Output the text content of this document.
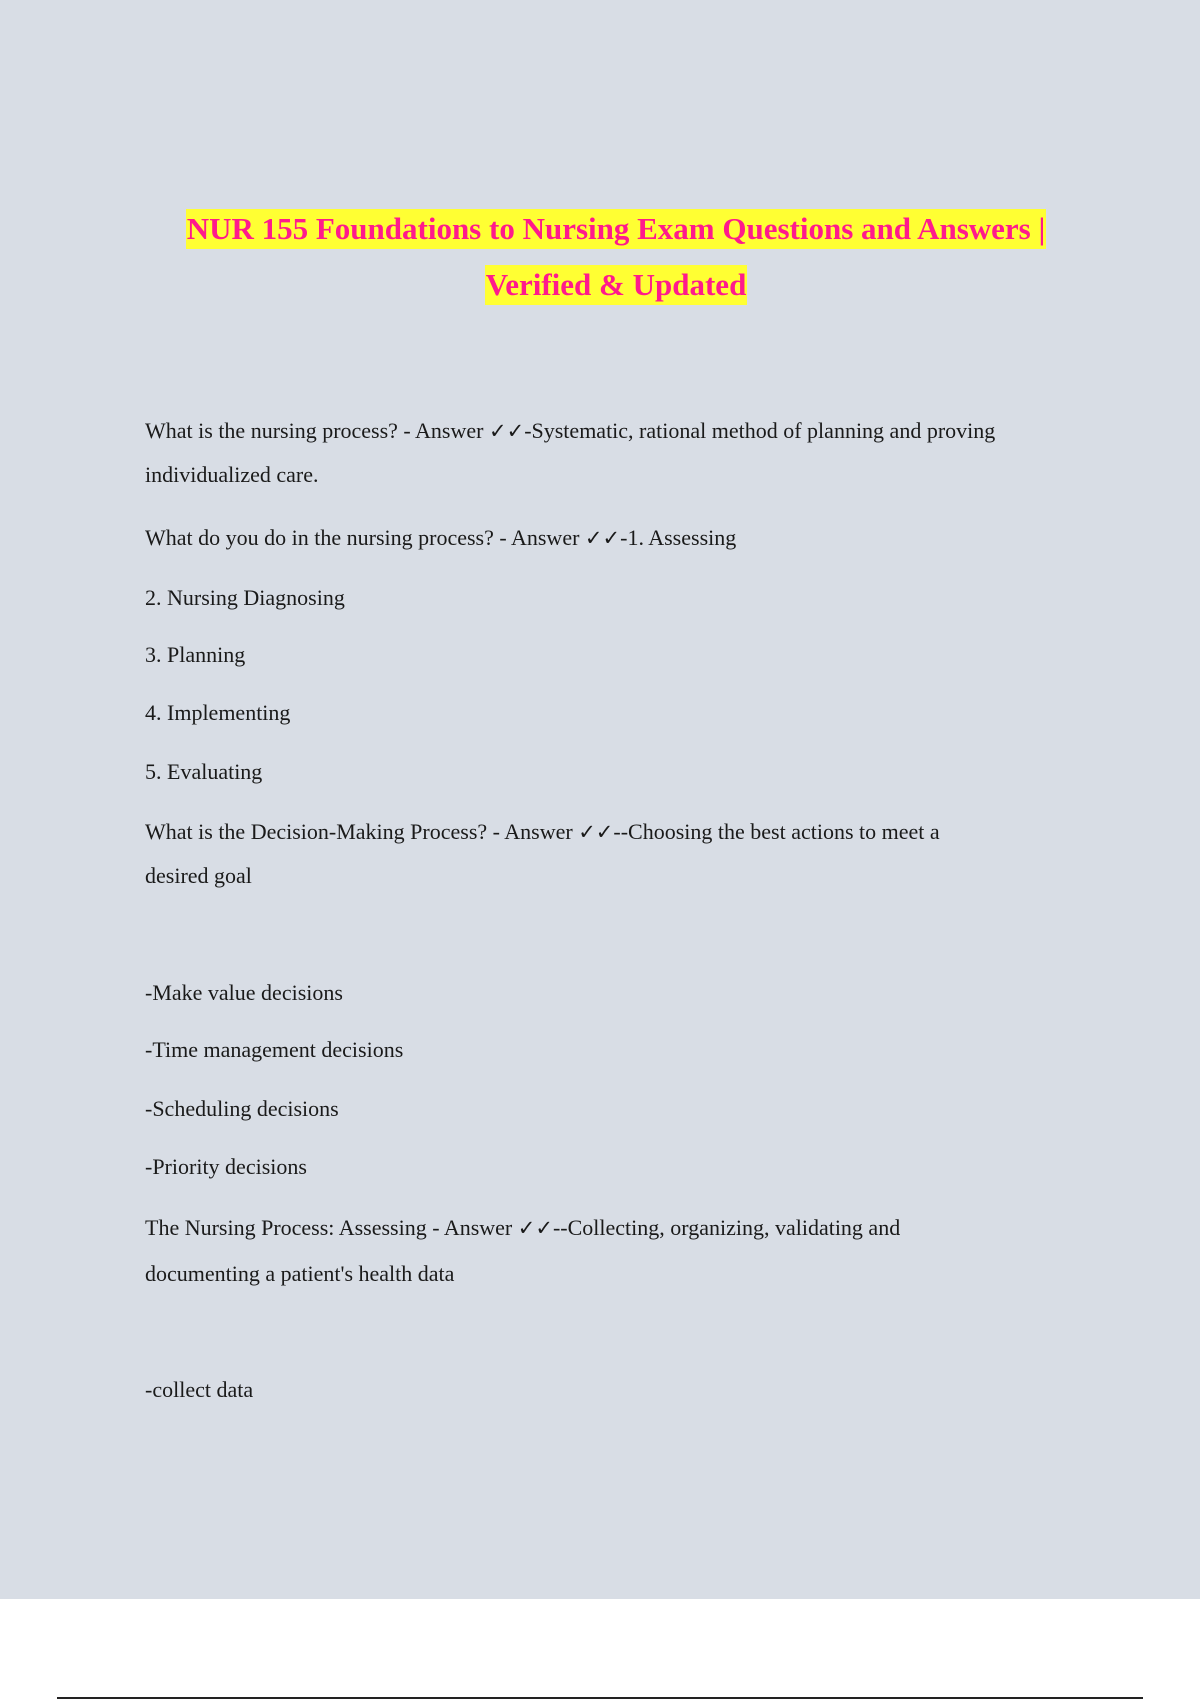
NUR 155 Foundations to Nursing Exam Questions and Answers |
Verified & Updated
What is the nursing process? - Answer ✓✓-Systematic, rational method of planning and proving
individualized care.
What do you do in the nursing process? - Answer ✓✓-1. Assessing
2. Nursing Diagnosing
3. Planning
4. Implementing
5. Evaluating
What is the Decision-Making Process? - Answer ✓✓--Choosing the best actions to meet a
desired goal
-Make value decisions
-Time management decisions
-Scheduling decisions
-Priority decisions
The Nursing Process: Assessing - Answer ✓✓--Collecting, organizing, validating and
documenting a patient's health data
-collect data
